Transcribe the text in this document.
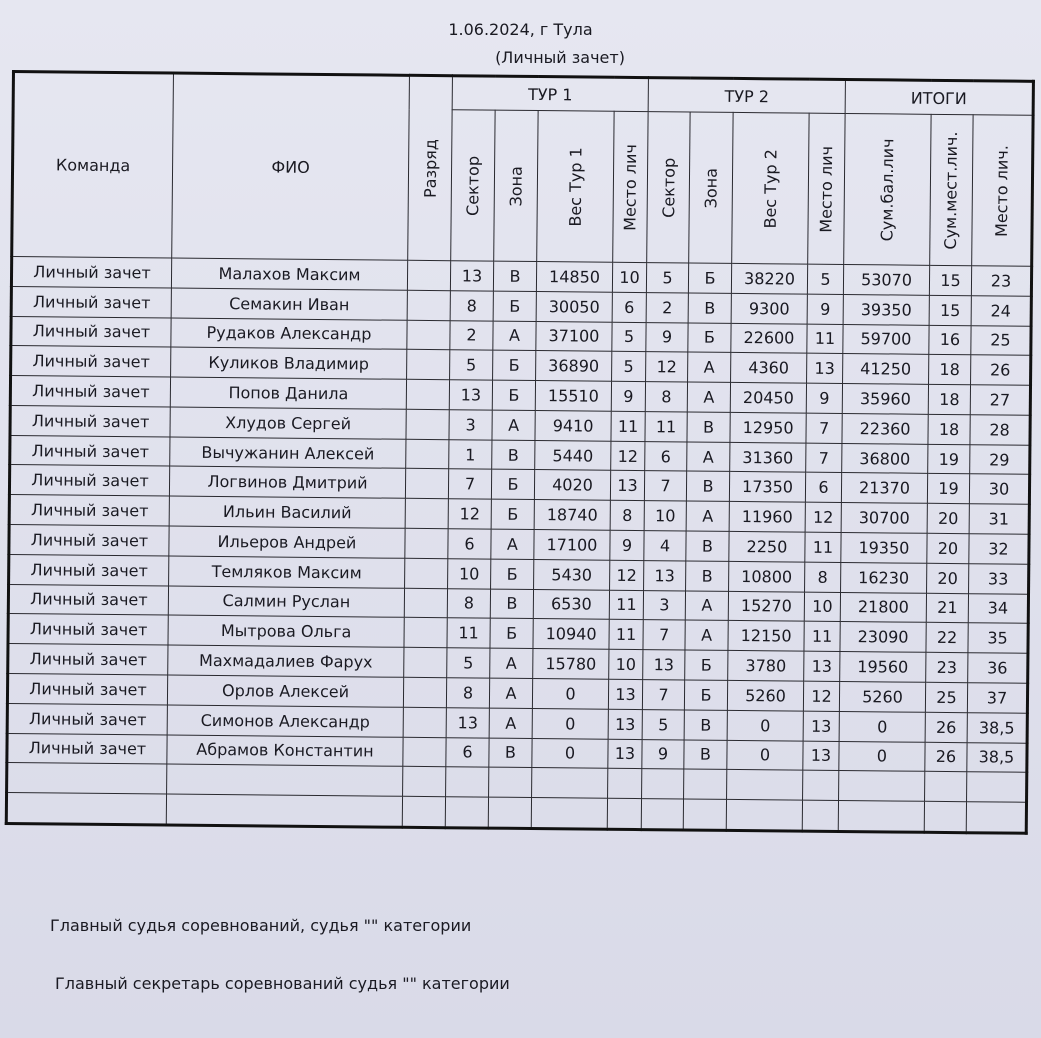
1.06.2024, г Тула
(Личный зачет)
Команда	ФИО	Разряд	ТУР 1				ТУР 2				ИТОГИ		

			Сектор	Зона	Вес Тур 1	Место лич	Сектор	Зона	Вес Тур 2	Место лич	Сум.бал.лич	Сум.мест.лич.	Место лич.

Личный зачет	Малахов Максим		13	В	14850	10	5	Б	38220	5	53070	15	23
Личный зачет	Семакин Иван		8	Б	30050	6	2	В	9300	9	39350	15	24
Личный зачет	Рудаков Александр		2	А	37100	5	9	Б	22600	11	59700	16	25
Личный зачет	Куликов Владимир		5	Б	36890	5	12	А	4360	13	41250	18	26
Личный зачет	Попов Данила		13	Б	15510	9	8	А	20450	9	35960	18	27
Личный зачет	Хлудов Сергей		3	А	9410	11	11	В	12950	7	22360	18	28
Личный зачет	Вычужанин Алексей		1	В	5440	12	6	А	31360	7	36800	19	29
Личный зачет	Логвинов Дмитрий		7	Б	4020	13	7	В	17350	6	21370	19	30
Личный зачет	Ильин Василий		12	Б	18740	8	10	А	11960	12	30700	20	31
Личный зачет	Ильеров Андрей		6	А	17100	9	4	В	2250	11	19350	20	32
Личный зачет	Темляков Максим		10	Б	5430	12	13	В	10800	8	16230	20	33
Личный зачет	Салмин Руслан		8	В	6530	11	3	А	15270	10	21800	21	34
Личный зачет	Мытрова Ольга		11	Б	10940	11	7	А	12150	11	23090	22	35
Личный зачет	Махмадалиев Фарух		5	А	15780	10	13	Б	3780	13	19560	23	36
Личный зачет	Орлов Алексей		8	А	0	13	7	Б	5260	12	5260	25	37
Личный зачет	Симонов Александр		13	А	0	13	5	В	0	13	0	26	38,5
Личный зачет	Абрамов Константин		6	В	0	13	9	В	0	13	0	26	38,5

Главный судья соревнований, судья "" категории
Главный секретарь соревнований судья "" категории
